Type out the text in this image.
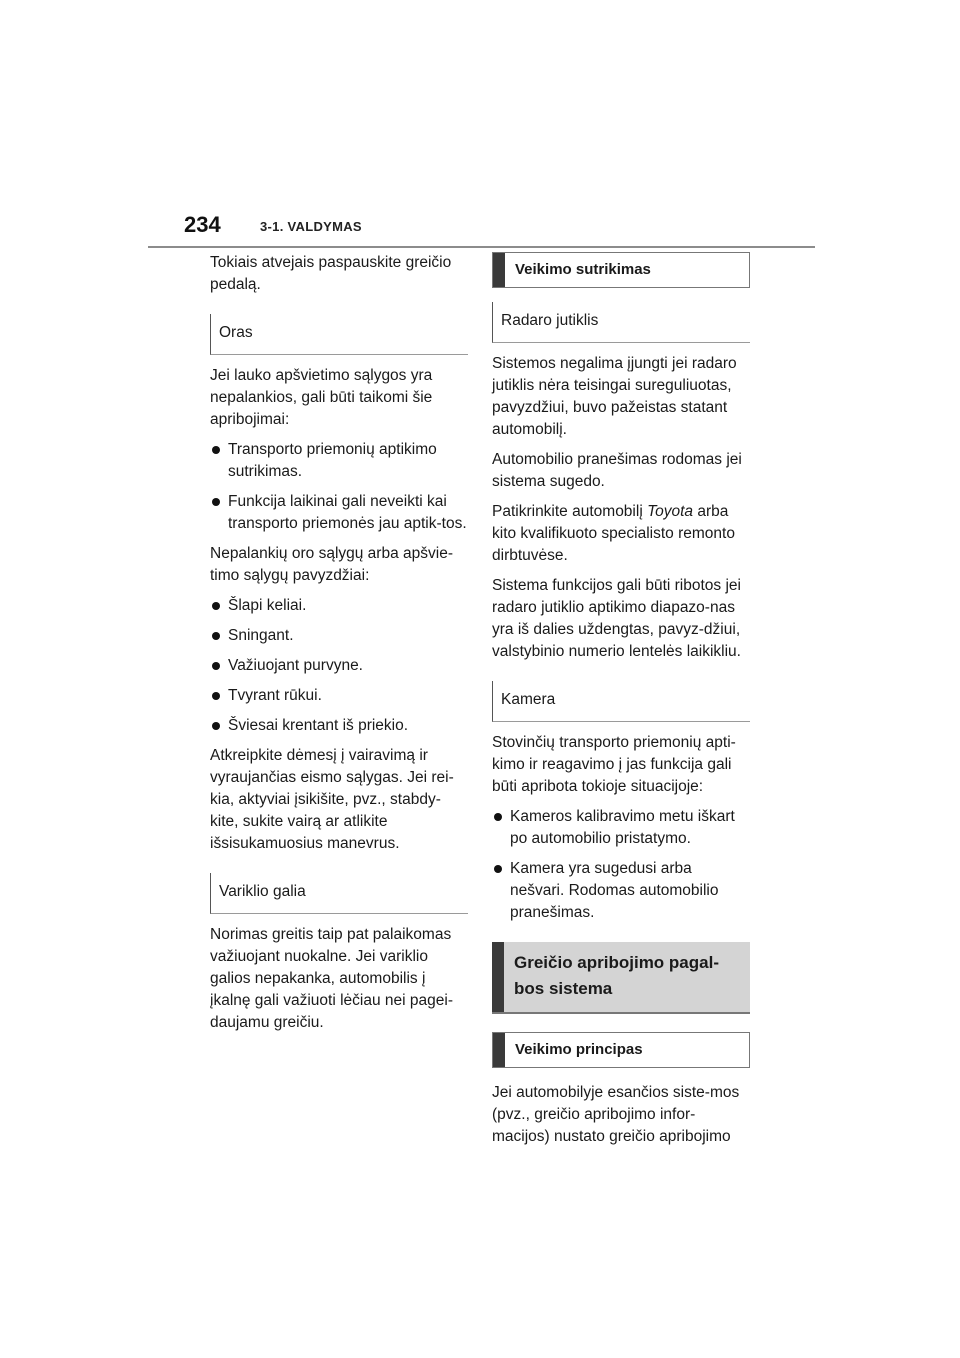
234	3-1. VALDYMAS

Tokiais atvejais paspauskite greičio pedalą.

Oras

Jei lauko apšvietimo sąlygos yra nepalankios, gali būti taikomi šie apribojimai:

Transporto priemonių aptikimo sutrikimas.
Funkcija laikinai gali neveikti kai transporto priemonės jau aptik-tos.

Nepalankių oro sąlygų arba apšvie-timo sąlygų pavyzdžiai:

Šlapi keliai.
Sningant.
Važiuojant purvyne.
Tvyrant rūkui.
Šviesai krentant iš priekio.

Atkreipkite dėmesį į vairavimą ir vyraujančias eismo sąlygas. Jei rei-kia, aktyviai įsikišite, pvz., stabdy-kite, sukite vairą ar atlikite išsisukamuosius manevrus.

Variklio galia

Norimas greitis taip pat palaikomas važiuojant nuokalne. Jei variklio galios nepakanka, automobilis į įkalnę gali važiuoti lėčiau nei pagei-daujamu greičiu.

Veikimo sutrikimas
Radaro jutiklis

Sistemos negalima įjungti jei radaro jutiklis nėra teisingai sureguliuotas, pavyzdžiui, buvo pažeistas statant automobilį.

Automobilio pranešimas rodomas jei sistema sugedo.

Patikrinkite automobilį Toyota arba kito kvalifikuoto specialisto remonto dirbtuvėse.

Sistema funkcijos gali būti ribotos jei radaro jutiklio aptikimo diapazo-nas yra iš dalies uždengtas, pavyz-džiui, valstybinio numerio lentelės laikikliu.

Kamera

Stovinčių transporto priemonių apti-kimo ir reagavimo į jas funkcija gali būti apribota tokioje situacijoje:

Kameros kalibravimo metu iškart po automobilio pristatymo.
Kamera yra sugedusi arba nešvari. Rodomas automobilio pranešimas.
Greičio apribojimo pagal-bos sistema
Veikimo principas

Jei automobilyje esančios siste-mos (pvz., greičio apribojimo infor-macijos) nustato greičio apribojimo
